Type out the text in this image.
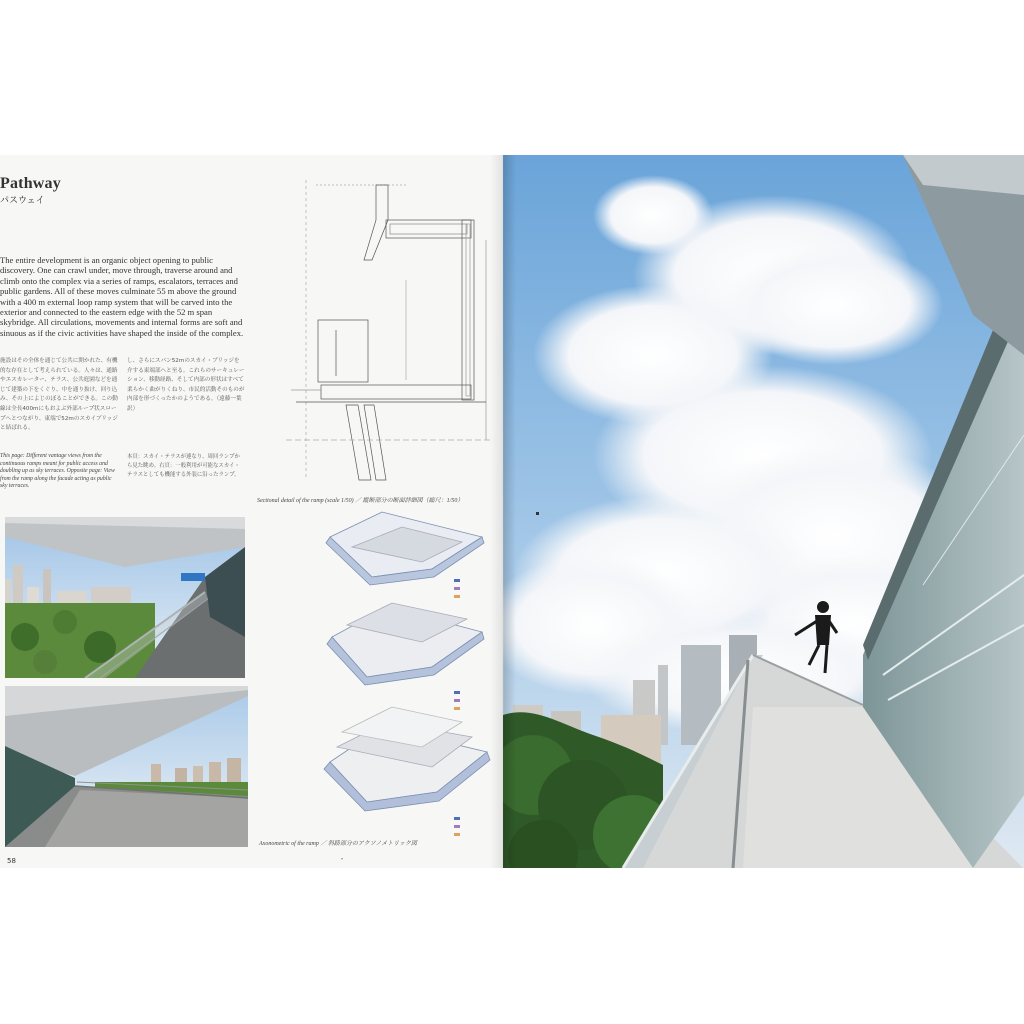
Pathway
パスウェイ
The entire development is an organic object opening to public discovery. One can crawl under, move through, traverse around and climb onto the complex via a series of ramps, escalators, terraces and public gardens. All of these moves culminate 55 m above the ground with a 400 m external loop ramp system that will be carved into the exterior and connected to the eastern edge with the 52 m span skybridge. All circulations, movements and internal forms are soft and sinuous as if the civic activities have shaped the inside of the complex.
施設はその全体を通じて公共に開かれた、有機的な存在として考えられている。人々は、通路やエスカレーター、テラス、公共庭園などを通じて建築の下をくぐり、中を通り抜け、回り込み、その上によじのぼることができる。この動線は全長400mにもおよぶ外部ループ状スロープへとつながり、東端で52mのスカイブリッジと結ばれる。
し、さらにスパン52mのスカイ・ブリッジを介する東端部へと至る。これらのサーキュレーション、移動経路、そして内部の形状はすべて柔らかく曲がりくねり、市民的活動そのものが内部を形づくったかのようである。（遠藤一葉訳）
This page: Different vantage views from the continuous ramps meant for public access and doubling up as sky terraces. Opposite page: View from the ramp along the facade acting as public sky terraces.
本頁：スカイ・テラスが連なり、周回ランプから見た眺め。右頁：一般利用が可能なスカイ・テラスとしても機能する外装に沿ったランプ。
Sectional detail of the ramp (scale 1/50) ／ 縦断部分の断面詳細図（縮尺：1/50）
Axonometric of the ramp ／ 斜路部分のアクソノメトリック図
58	•
